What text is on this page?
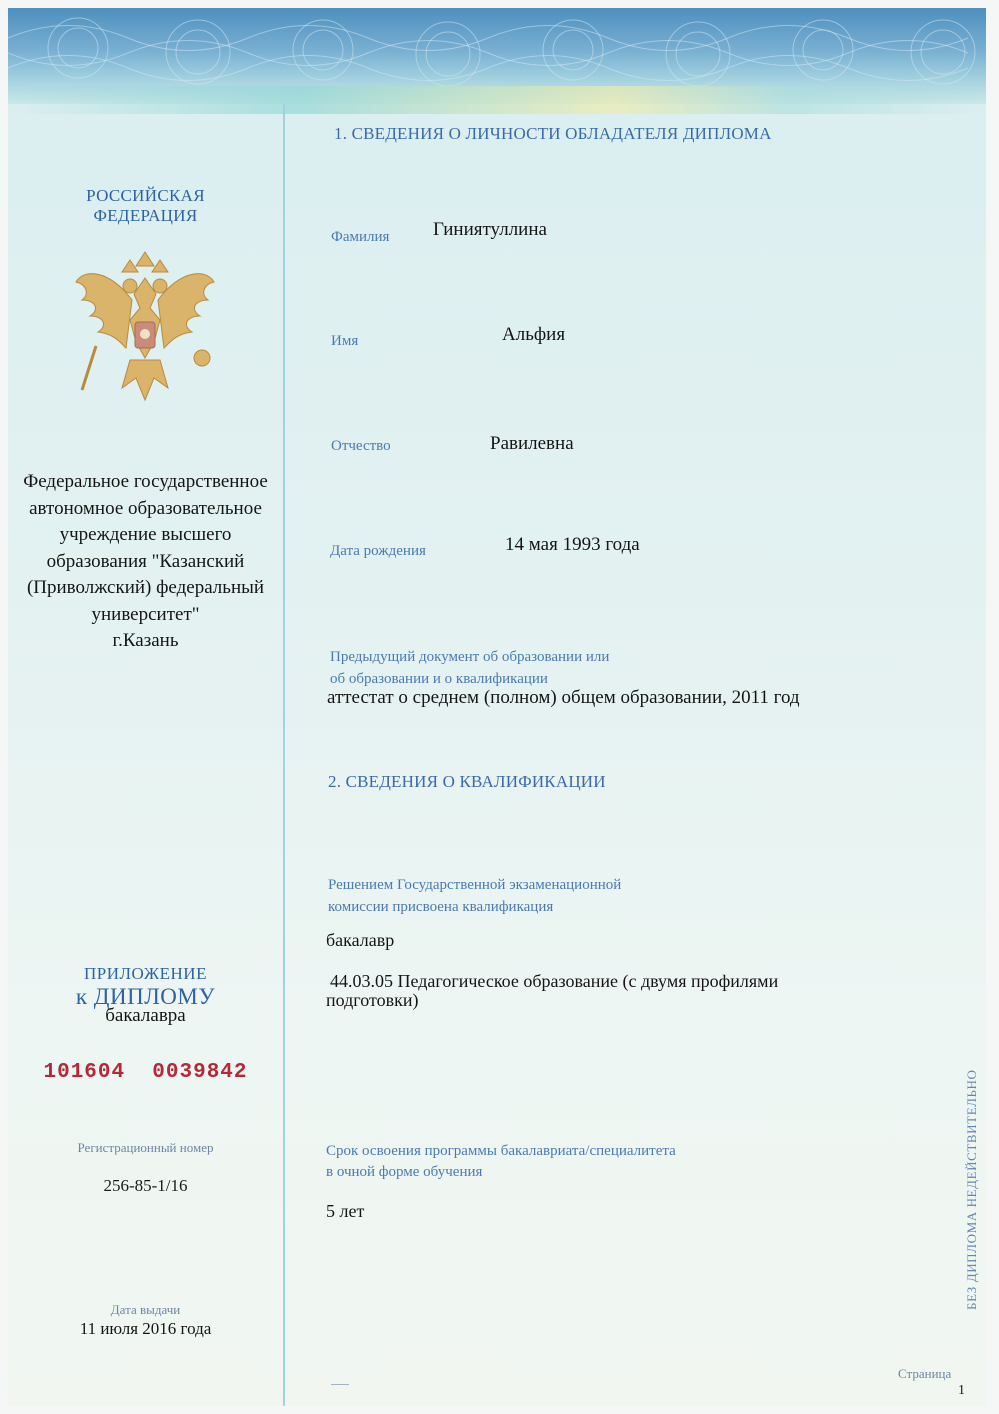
РОССИЙСКАЯ
ФЕДЕРАЦИЯ
Федеральное государственное
автономное образовательное
учреждение высшего
образования "Казанский
(Приволжский) федеральный
университет"
г.Казань
ПРИЛОЖЕНИЕ
к ДИПЛОМУ
бакалавра
101604  0039842
Регистрационный номер
256-85-1/16
Дата выдачи
11 июля 2016 года
1. СВЕДЕНИЯ О ЛИЧНОСТИ ОБЛАДАТЕЛЯ ДИПЛОМА
Фамилия Гиниятуллина
Имя	Альфия
Отчество	Равилевна
Дата рождения	14 мая 1993 года
Предыдущий документ об образовании или
об образовании и о квалификации
аттестат о среднем (полном) общем образовании, 2011 год
2. СВЕДЕНИЯ О КВАЛИФИКАЦИИ
Решением Государственной экзаменационной
комиссии присвоена квалификация
бакалавр
44.03.05 Педагогическое образование (с двумя профилями
подготовки)
Срок освоения программы бакалавриата/специалитета
в очной форме обучения
5 лет	БЕЗ ДИПЛОМА НЕДЕЙСТВИТЕЛЬНО
Страница
1
